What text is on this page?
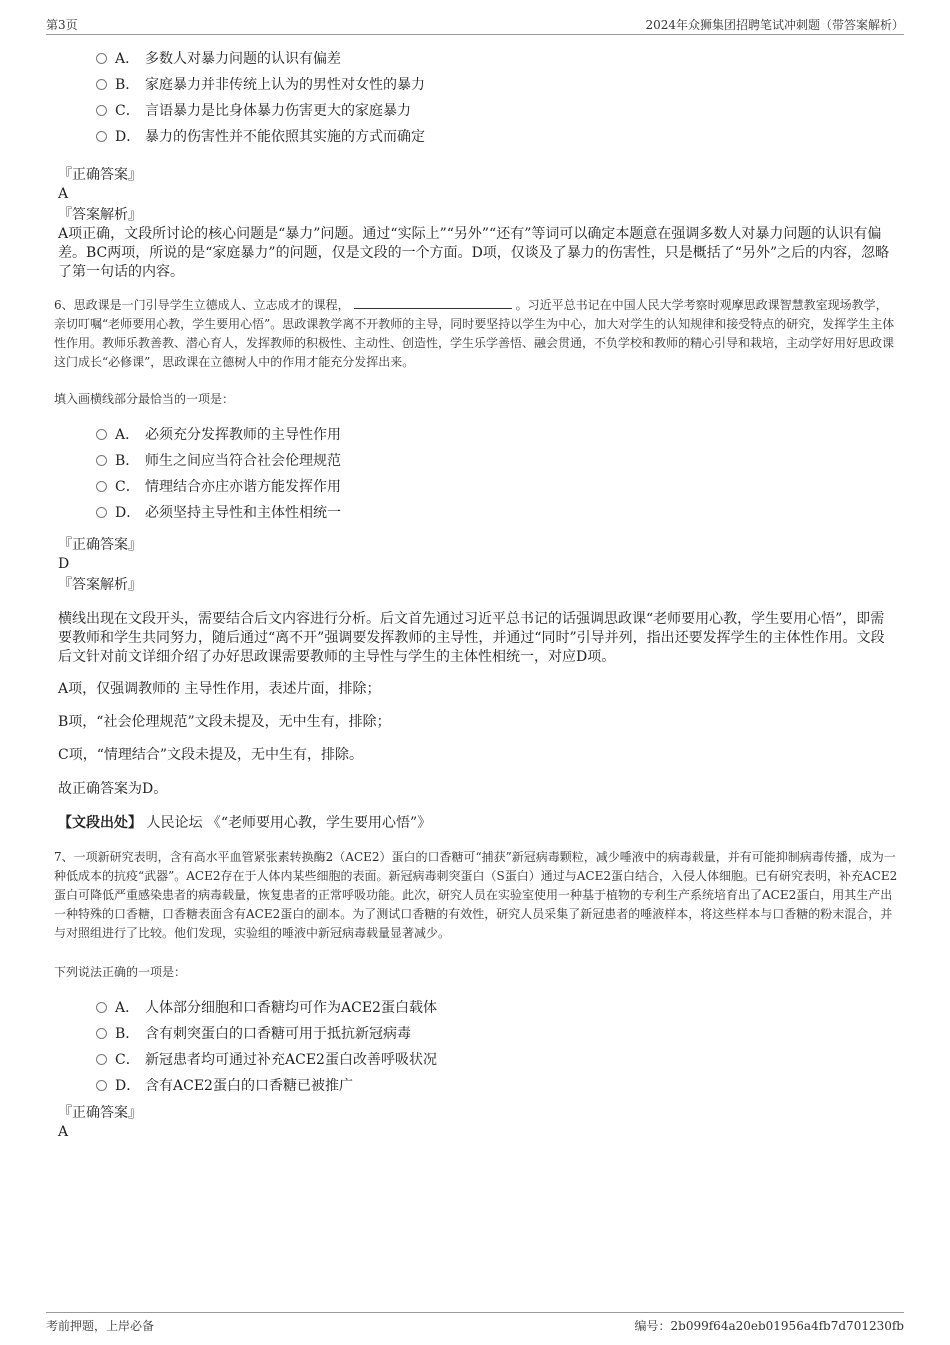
第3页	2024年众狮集团招聘笔试冲刺题（带答案解析）
A． 多数人对暴力问题的认识有偏差
B． 家庭暴力并非传统上认为的男性对女性的暴力
C． 言语暴力是比身体暴力伤害更大的家庭暴力
D． 暴力的伤害性并不能依照其实施的方式而确定
『正确答案』
A
『答案解析』

A项正确，文段所讨论的核心问题是“暴力”问题。通过“实际上”“另外”“还有”等词可以确定本题意在强调多数人对暴力问题的认识有偏差。BC两项，所说的是“家庭暴力”的问题，仅是文段的一个方面。D项，仅谈及了暴力的伤害性，只是概括了“另外”之后的内容，忽略了第一句话的内容。

6、思政课是一门引导学生立德成人、立志成才的课程，	。习近平总书记在中国人民大学考察时观摩思政课智慧教室现场教学，亲切叮嘱“老师要用心教，学生要用心悟”。思政课教学离不开教师的主导，同时要坚持以学生为中心，加大对学生的认知规律和接受特点的研究，发挥学生主体性作用。教师乐教善教、潜心育人，发挥教师的积极性、主动性、创造性，学生乐学善悟、融会贯通，不负学校和教师的精心引导和栽培，主动学好用好思政课这门成长“必修课”，思政课在立德树人中的作用才能充分发挥出来。

填入画横线部分最恰当的一项是：
A． 必须充分发挥教师的主导性作用
B． 师生之间应当符合社会伦理规范
C． 情理结合亦庄亦谐方能发挥作用
D． 必须坚持主导性和主体性相统一
『正确答案』
D
『答案解析』

横线出现在文段开头，需要结合后文内容进行分析。后文首先通过习近平总书记的话强调思政课“老师要用心教，学生要用心悟”，即需要教师和学生共同努力，随后通过“离不开”强调要发挥教师的主导性，并通过“同时”引导并列，指出还要发挥学生的主体性作用。文段后文针对前文详细介绍了办好思政课需要教师的主导性与学生的主体性相统一，对应D项。

A项，仅强调教师的 主导性作用，表述片面，排除；

B项，“社会伦理规范”文段未提及，无中生有，排除；

C项，“情理结合”文段未提及，无中生有，排除。

故正确答案为D。

【文段出处】 人民论坛 《“老师要用心教，学生要用心悟”》

7、一项新研究表明，含有高水平血管紧张素转换酶2（ACE2）蛋白的口香糖可“捕获”新冠病毒颗粒，减少唾液中的病毒载量，并有可能抑制病毒传播，成为一种低成本的抗疫“武器”。ACE2存在于人体内某些细胞的表面。新冠病毒刺突蛋白（S蛋白）通过与ACE2蛋白结合，入侵人体细胞。已有研究表明，补充ACE2蛋白可降低严重感染患者的病毒载量，恢复患者的正常呼吸功能。此次，研究人员在实验室使用一种基于植物的专利生产系统培育出了ACE2蛋白，用其生产出一种特殊的口香糖，口香糖表面含有ACE2蛋白的副本。为了测试口香糖的有效性，研究人员采集了新冠患者的唾液样本，将这些样本与口香糖的粉末混合，并与对照组进行了比较。他们发现，实验组的唾液中新冠病毒载量显著减少。

下列说法正确的一项是：
A． 人体部分细胞和口香糖均可作为ACE2蛋白载体
B． 含有刺突蛋白的口香糖可用于抵抗新冠病毒
C． 新冠患者均可通过补充ACE2蛋白改善呼吸状况
D． 含有ACE2蛋白的口香糖已被推广
『正确答案』
A
考前押题，上岸必备	编号：2b099f64a20eb01956a4fb7d701230fb
